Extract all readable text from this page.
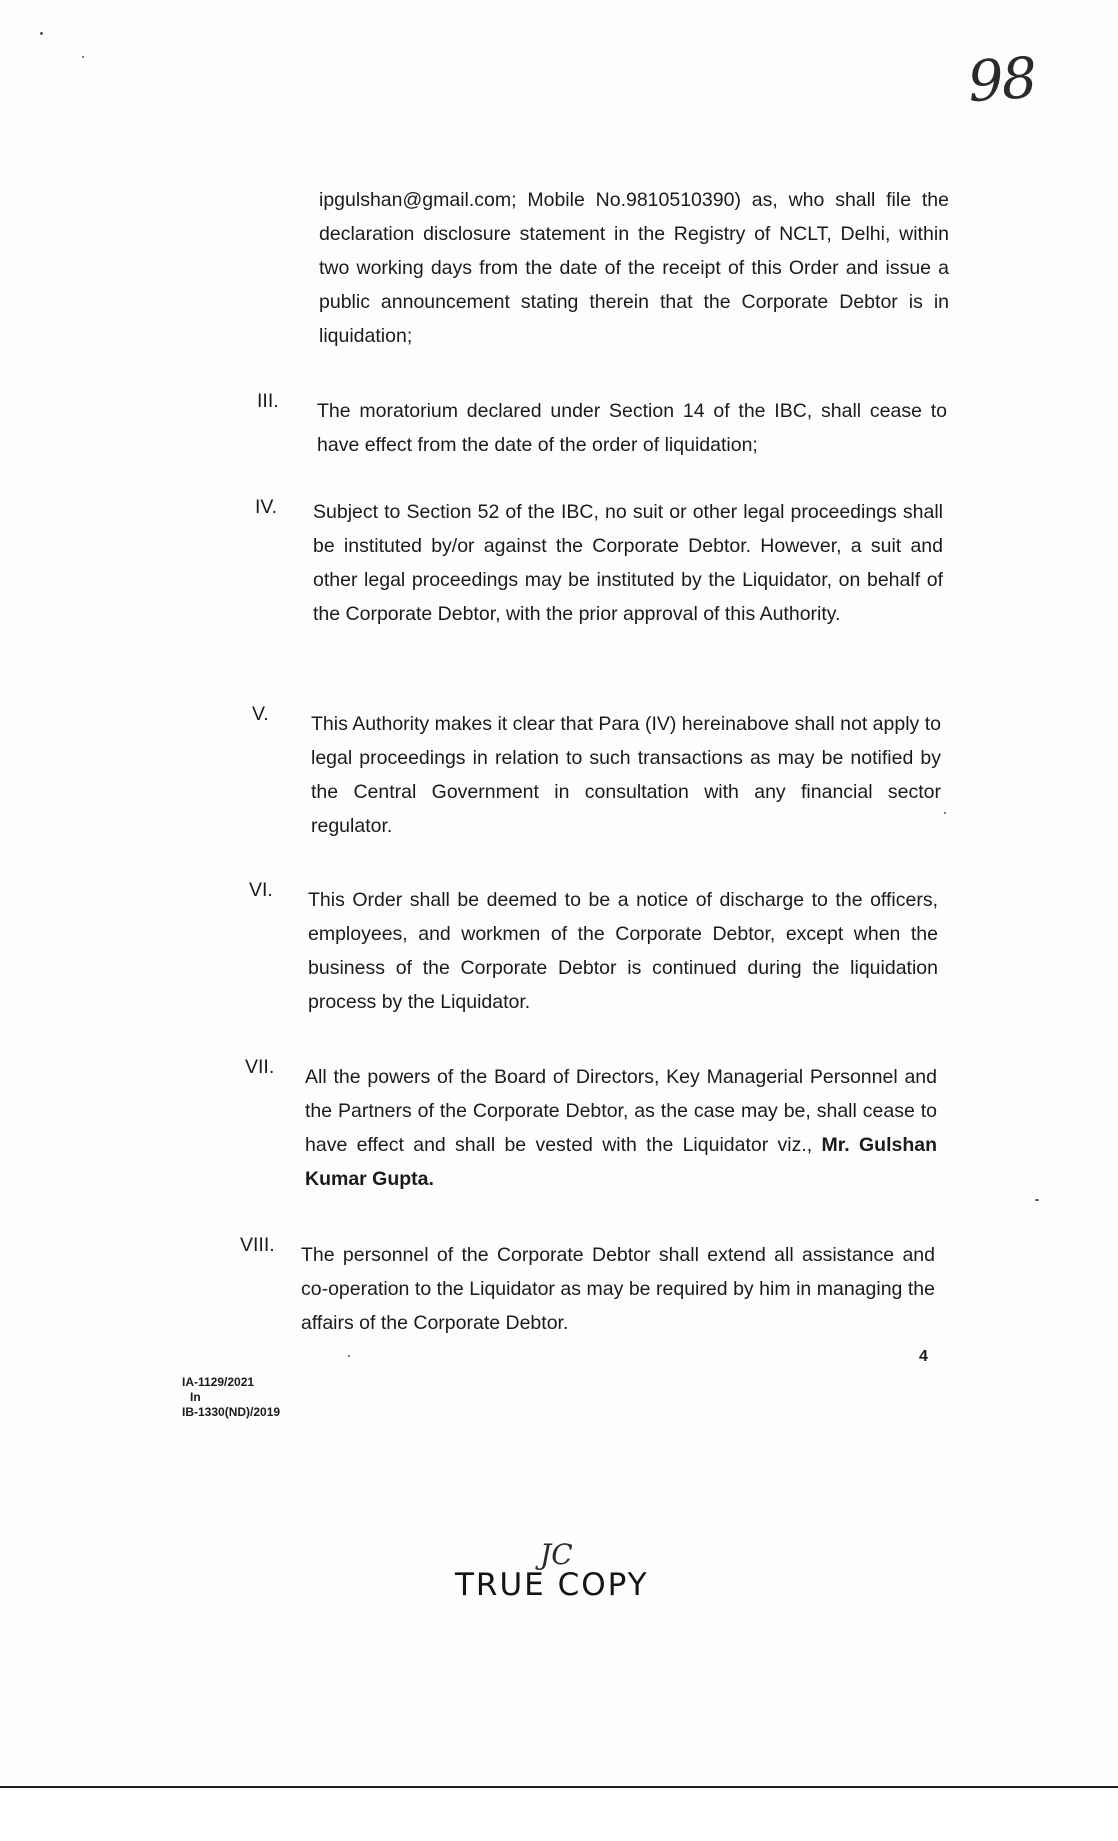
98

ipgulshan@gmail.com; Mobile No.9810510390) as, who shall file the declaration disclosure statement in the Registry of NCLT, Delhi, within two working days from the date of the receipt of this Order and issue a public announcement stating therein that the Corporate Debtor is in liquidation;

III. The moratorium declared under Section 14 of the IBC, shall cease to have effect from the date of the order of liquidation;

IV. Subject to Section 52 of the IBC, no suit or other legal proceedings shall be instituted by/or against the Corporate Debtor. However, a suit and other legal proceedings may be instituted by the Liquidator, on behalf of the Corporate Debtor, with the prior approval of this Authority.

V. This Authority makes it clear that Para (IV) hereinabove shall not apply to legal proceedings in relation to such transactions as may be notified by the Central Government in consultation with any financial sector regulator.

VI. This Order shall be deemed to be a notice of discharge to the officers, employees, and workmen of the Corporate Debtor, except when the business of the Corporate Debtor is continued during the liquidation process by the Liquidator.

VII. All the powers of the Board of Directors, Key Managerial Personnel and the Partners of the Corporate Debtor, as the case may be, shall cease to have effect and shall be vested with the Liquidator viz., Mr. Gulshan Kumar Gupta.

VIII. The personnel of the Corporate Debtor shall extend all assistance and co-operation to the Liquidator as may be required by him in managing the affairs of the Corporate Debtor.

4
IA-1129/2021
In
IB-1330(ND)/2019
JC
TRUE COPY
